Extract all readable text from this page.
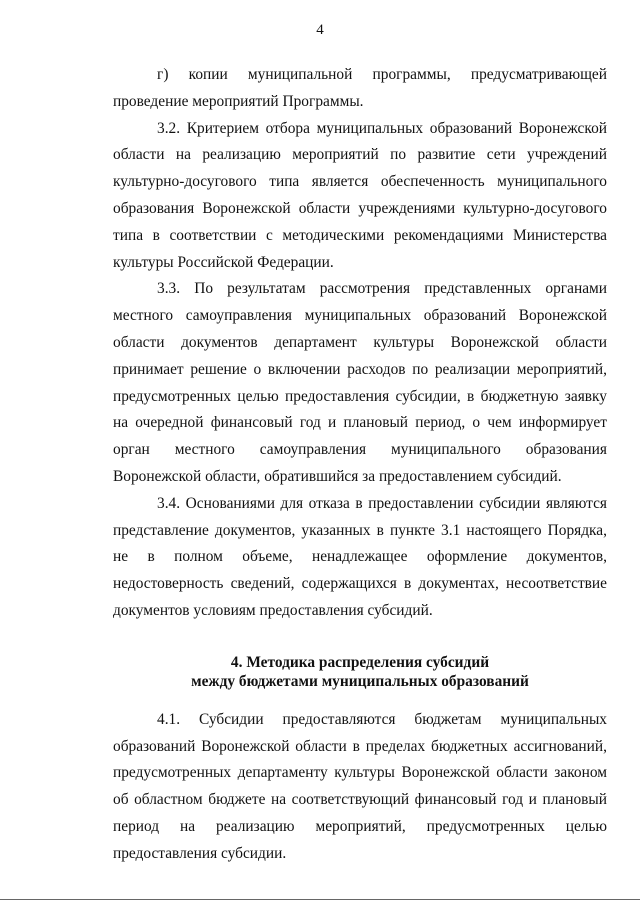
4

г) копии муниципальной программы, предусматривающей проведение мероприятий Программы.

3.2. Критерием отбора муниципальных образований Воронежской области на реализацию мероприятий по развитие сети учреждений культурно-досугового типа является обеспеченность муниципального образования Воронежской области учреждениями культурно-досугового типа в соответствии с методическими рекомендациями Министерства культуры Российской Федерации.

3.3. По результатам рассмотрения представленных органами местного самоуправления муниципальных образований Воронежской области документов департамент культуры Воронежской области принимает решение о включении расходов по реализации мероприятий, предусмотренных целью предоставления субсидии, в бюджетную заявку на очередной финансовый год и плановый период, о чем информирует орган местного самоуправления муниципального образования Воронежской области, обратившийся за предоставлением субсидий.

3.4. Основаниями для отказа в предоставлении субсидии являются представление документов, указанных в пункте 3.1 настоящего Порядка, не в полном объеме, ненадлежащее оформление документов, недостоверность сведений, содержащихся в документах, несоответствие документов условиям предоставления субсидий.

4. Методика распределения субсидий

между бюджетами муниципальных образований

4.1. Субсидии предоставляются бюджетам муниципальных образований Воронежской области в пределах бюджетных ассигнований, предусмотренных департаменту культуры Воронежской области законом об областном бюджете на соответствующий финансовый год и плановый период на реализацию мероприятий, предусмотренных целью предоставления субсидии.
